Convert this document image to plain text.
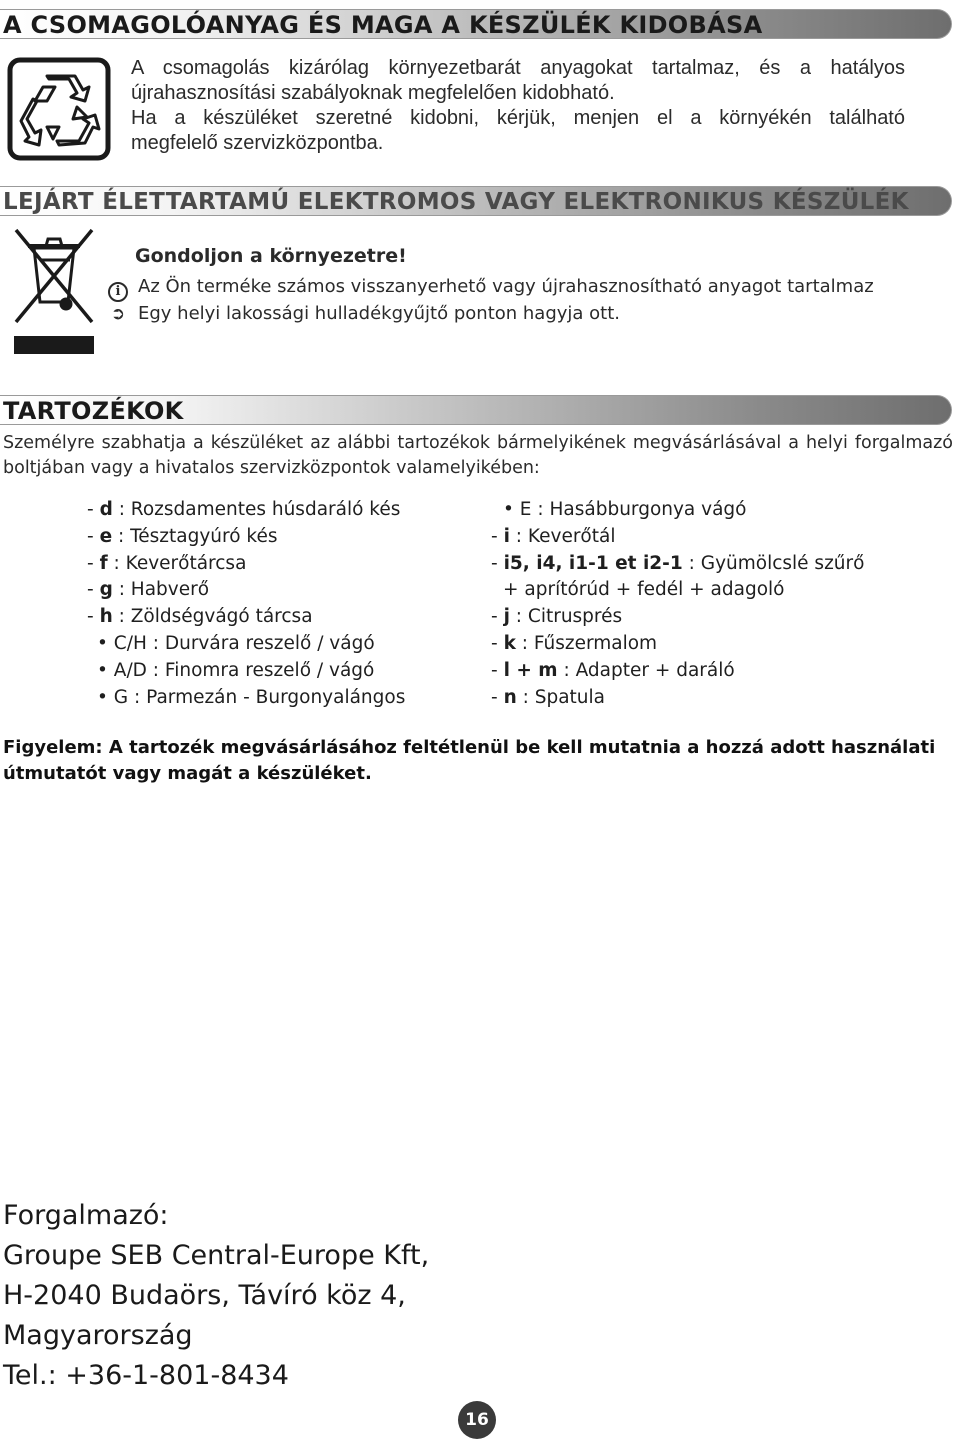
A CSOMAGOLÓANYAG ÉS MAGA A KÉSZÜLÉK KIDOBÁSA
A csomagolás kizárólag környezetbarát anyagokat tartalmaz, és a hatályos
újrahasznosítási szabályoknak megfelelően kidobható.
Ha a készüléket szeretné kidobni, kérjük, menjen el a környékén található
megfelelő szervizközpontba.
LEJÁRT ÉLETTARTAMÚ ELEKTROMOS VAGY ELEKTRONIKUS KÉSZÜLÉK
Gondoljon a környezetre!
i Az Ön terméke számos visszanyerhető vagy újrahasznosítható anyagot tartalmaz
➲ Egy helyi lakossági hulladékgyűjtő ponton hagyja ott.
TARTOZÉKOK
Személyre szabhatja a készüléket az alábbi tartozékok bármelyikének megvásárlásával a helyi forgalmazó boltjában vagy a hivatalos szervizközpontok valamelyikében:
- d : Rozsdamentes húsdaráló kés
- e : Tésztagyúró kés
- f : Keverőtárcsa
- g : Habverő
- h : Zöldségvágó tárcsa
• C/H : Durvára reszelő / vágó
• A/D : Finomra reszelő / vágó
• G : Parmezán - Burgonyalángos
• E : Hasábburgonya vágó
- i : Keverőtál
- i5, i4, i1-1 et i2-1 : Gyümölcslé szűrő
+ aprítórúd + fedél + adagoló
- j : Citrusprés
- k : Fűszermalom
- l + m : Adapter + daráló
- n : Spatula
Figyelem: A tartozék megvásárlásához feltétlenül be kell mutatnia a hozzá adott használati útmutatót vagy magát a készüléket.
Forgalmazó:
Groupe SEB Central-Europe Kft,
H-2040 Budaörs, Távíró köz 4,
Magyarország
Tel.: +36-1-801-8434
16
